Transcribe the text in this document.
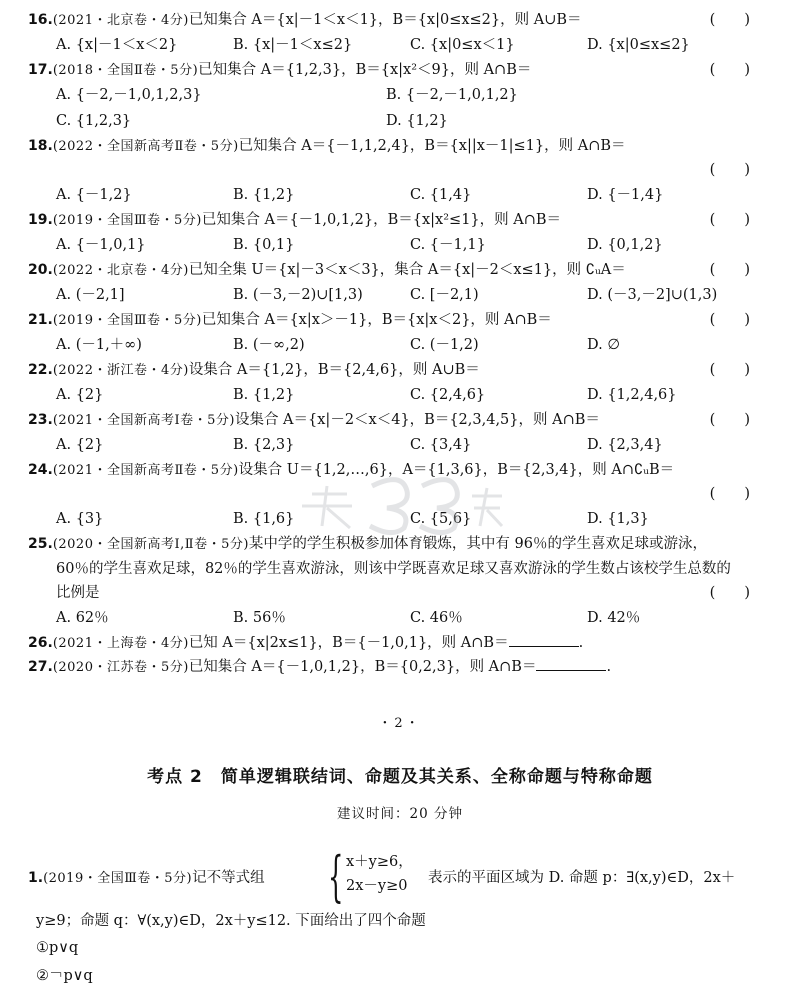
16.(2021・北京卷・4分)已知集合 A＝{x|－1＜x＜1}，B＝{x|0≤x≤2}，则 A∪B＝	(　　)
A. {x|－1＜x＜2}	B. {x|－1＜x≤2}	C. {x|0≤x＜1}	D. {x|0≤x≤2}
17.(2018・全国Ⅱ卷・5分)已知集合 A＝{1,2,3}，B＝{x|x²＜9}，则 A∩B＝	(　　)
A. {－2,－1,0,1,2,3}	B. {－2,－1,0,1,2}
C. {1,2,3}	D. {1,2}
18.(2022・全国新高考Ⅱ卷・5分)已知集合 A＝{－1,1,2,4}，B＝{x||x－1|≤1}，则 A∩B＝
(　　)
A. {－1,2}	B. {1,2}	C. {1,4}	D. {－1,4}
19.(2019・全国Ⅲ卷・5分)已知集合 A＝{－1,0,1,2}，B＝{x|x²≤1}，则 A∩B＝	(　　)
A. {－1,0,1}	B. {0,1}	C. {－1,1}	D. {0,1,2}
20.(2022・北京卷・4分)已知全集 U＝{x|－3＜x＜3}，集合 A＝{x|－2＜x≤1}，则 ∁ᵤA＝	(　　)
A. (－2,1]	B. (－3,－2)∪[1,3)	C. [－2,1)	D. (－3,－2]∪(1,3)
21.(2019・全国Ⅲ卷・5分)已知集合 A＝{x|x＞－1}，B＝{x|x＜2}，则 A∩B＝	(　　)
A. (－1,＋∞)	B. (－∞,2)	C. (－1,2)	D. ∅
22.(2022・浙江卷・4分)设集合 A＝{1,2}，B＝{2,4,6}，则 A∪B＝	(　　)
A. {2}	B. {1,2}	C. {2,4,6}	D. {1,2,4,6}
23.(2021・全国新高考Ⅰ卷・5分)设集合 A＝{x|－2＜x＜4}，B＝{2,3,4,5}，则 A∩B＝	(　　)
A. {2}	B. {2,3}	C. {3,4}	D. {2,3,4}
24.(2021・全国新高考Ⅱ卷・5分)设集合 U＝{1,2,…,6}，A＝{1,3,6}，B＝{2,3,4}，则 A∩∁ᵤB＝
(　　)
A. {3}	B. {1,6}	C. {5,6}	D. {1,3}
25.(2020・全国新高考Ⅰ,Ⅱ卷・5分)某中学的学生积极参加体育锻炼，其中有 96％的学生喜欢足球或游泳，60％的学生喜欢足球，82％的学生喜欢游泳，则该中学既喜欢足球又喜欢游泳的学生数占该校学生总数的比例是	(　　)
A. 62％	B. 56％	C. 46％	D. 42％
26.(2021・上海卷・4分)已知 A＝{x|2x≤1}，B＝{－1,0,1}，则 A∩B＝	.
27.(2020・江苏卷・5分)已知集合 A＝{－1,0,1,2}，B＝{0,2,3}，则 A∩B＝	.
・2・
考点 2　简单逻辑联结词、命题及其关系、全称命题与特称命题
建议时间：20 分钟
1.(2019・全国Ⅲ卷・5分)记不等式组 { x＋y≥6，
2x－y≥0	表示的平面区域为 D. 命题 p：∃(x,y)∈D，2x＋
y≥9；命题 q：∀(x,y)∈D，2x＋y≤12. 下面给出了四个命题
①p∨q
②￢p∨q
